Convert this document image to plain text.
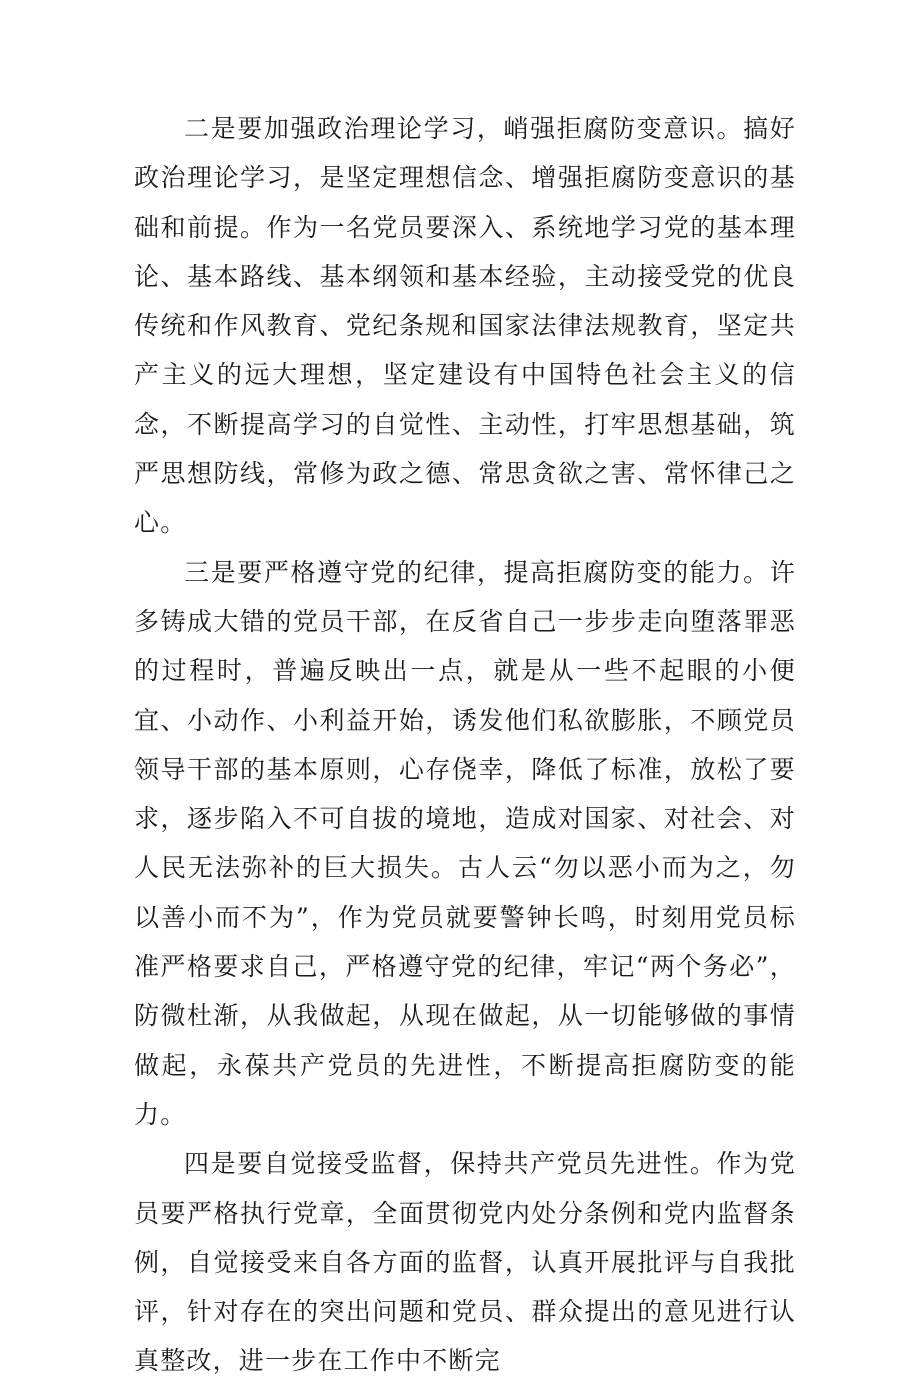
二是要加强政治理论学习，峭强拒腐防变意识。搞好政治理论学习，是坚定理想信念、增强拒腐防变意识的基础和前提。作为一名党员要深入、系统地学习党的基本理论、基本路线、基本纲领和基本经验，主动接受党的优良传统和作风教育、党纪条规和国家法律法规教育，坚定共产主义的远大理想，坚定建设有中国特色社会主义的信念，不断提高学习的自觉性、主动性，打牢思想基础，筑严思想防线，常修为政之德、常思贪欲之害、常怀律己之心。

三是要严格遵守党的纪律，提高拒腐防变的能力。许多铸成大错的党员干部，在反省自己一步步走向堕落罪恶的过程时，普遍反映出一点，就是从一些不起眼的小便宜、小动作、小利益开始，诱发他们私欲膨胀，不顾党员领导干部的基本原则，心存侥幸，降低了标准，放松了要求，逐步陷入不可自拔的境地，造成对国家、对社会、对人民无法弥补的巨大损失。古人云“勿以恶小而为之，勿以善小而不为”，作为党员就要警钟长鸣，时刻用党员标准严格要求自己，严格遵守党的纪律，牢记“两个务必”，防微杜渐，从我做起，从现在做起，从一切能够做的事情做起，永葆共产党员的先进性，不断提高拒腐防变的能力。

四是要自觉接受监督，保持共产党员先进性。作为党员要严格执行党章，全面贯彻党内处分条例和党内监督条例，自觉接受来自各方面的监督，认真开展批评与自我批评，针对存在的突出问题和党员、群众提出的意见进行认真整改，进一步在工作中不断完
